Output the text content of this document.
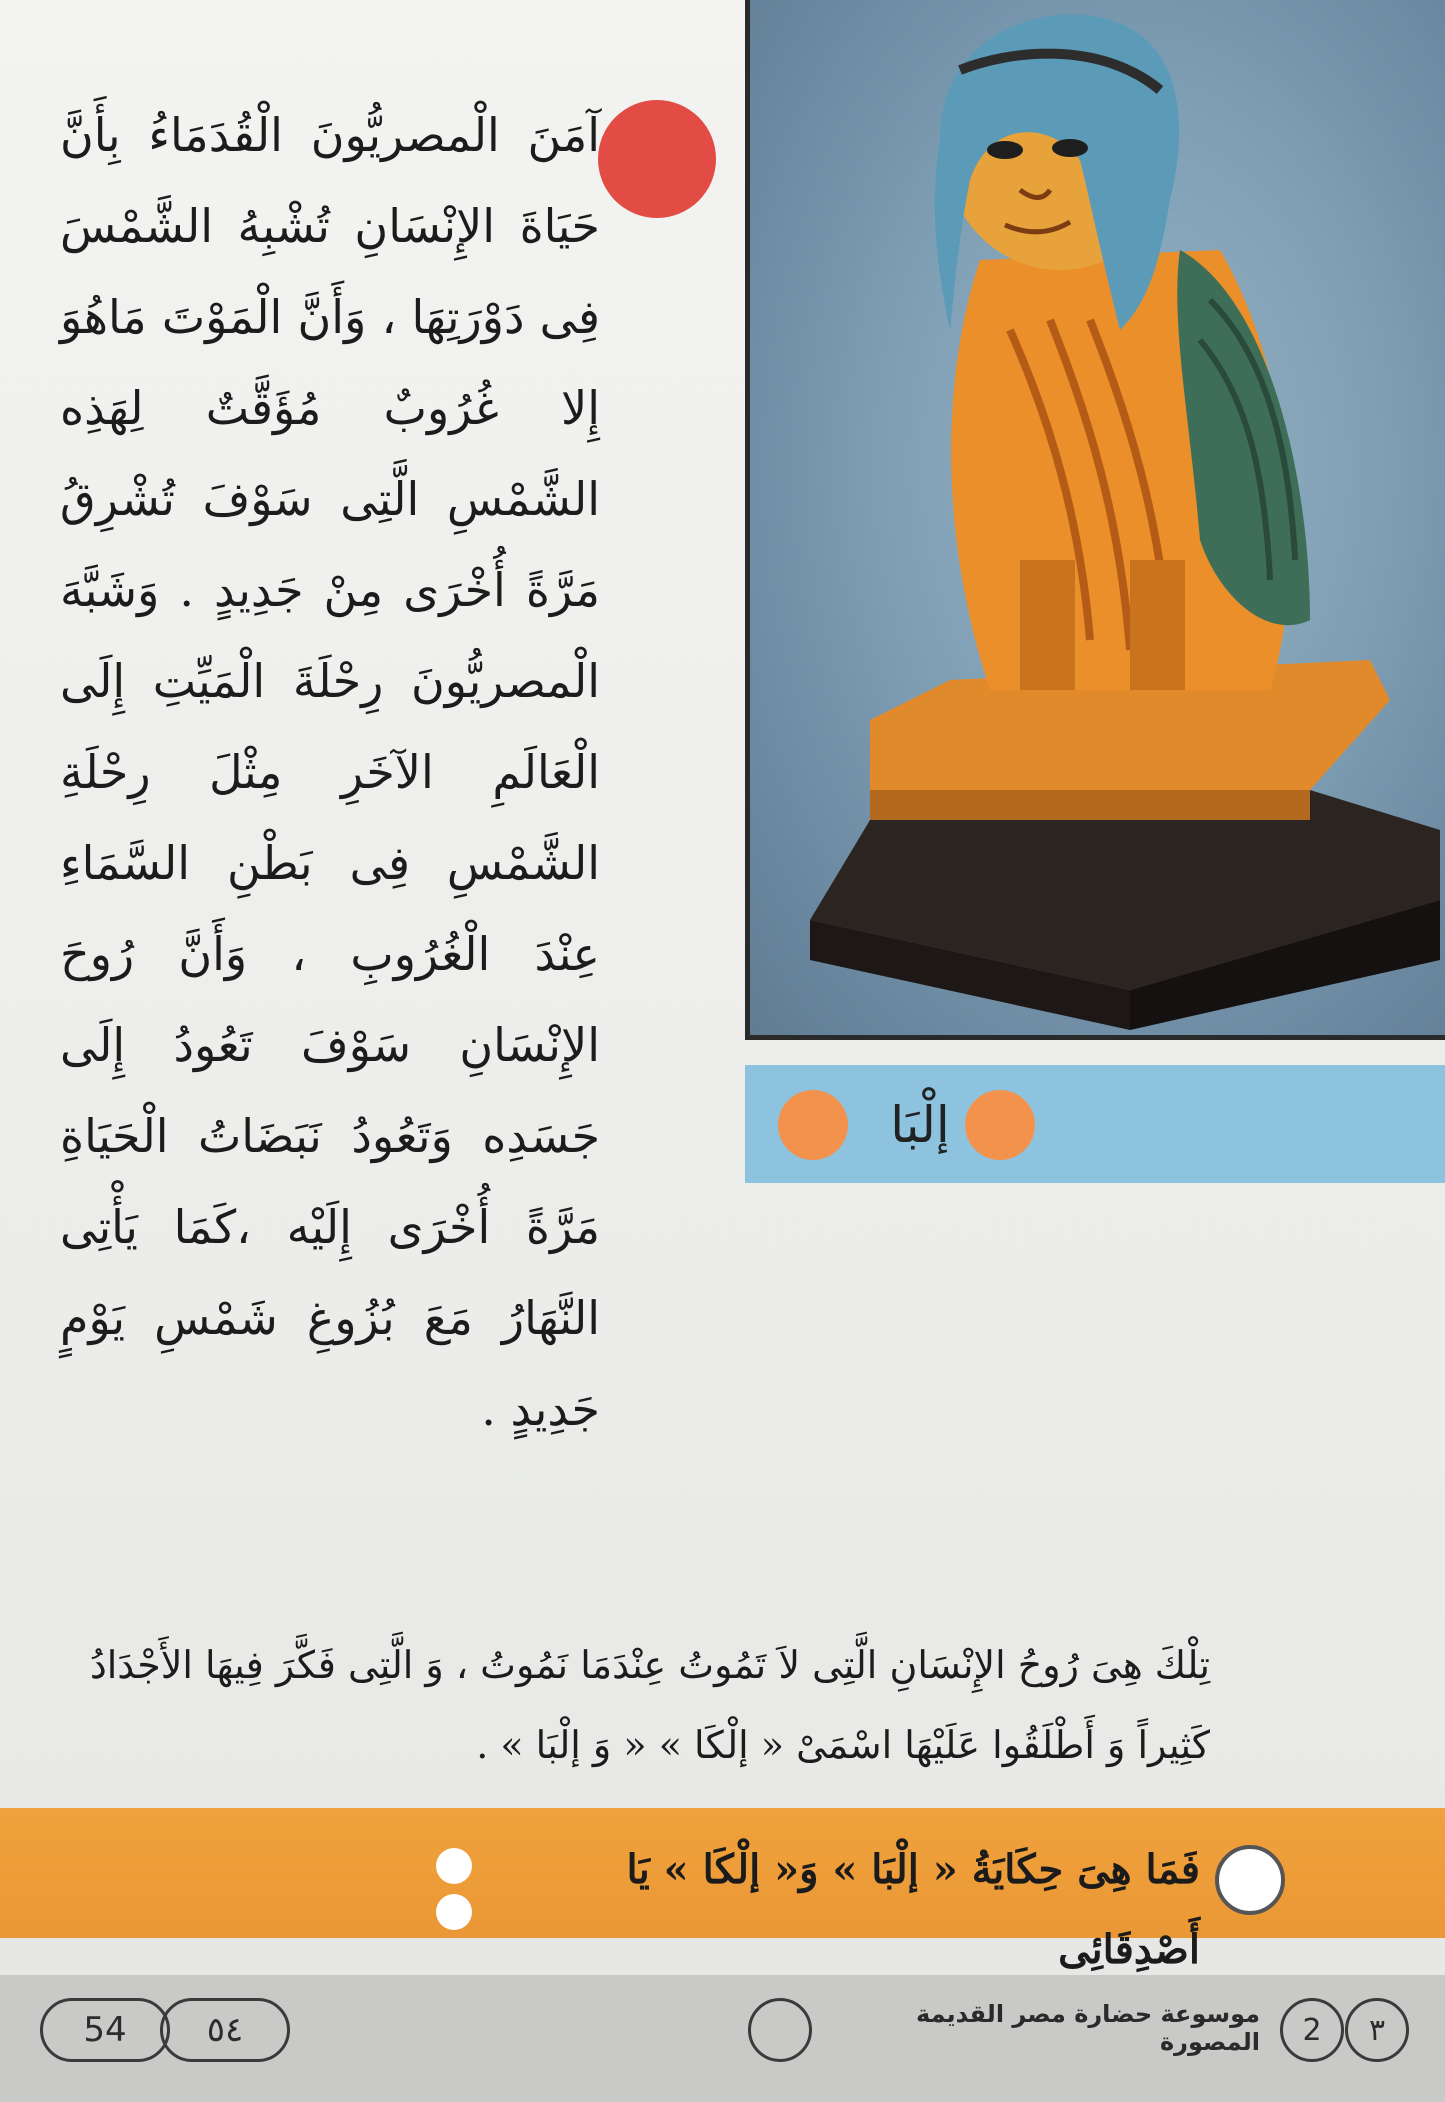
إلْبَا
آمَنَ الْمصريُّونَ الْقُدَمَاءُ بِأَنَّ حَيَاةَ الإِنْسَانِ تُشْبِهُ الشَّمْسَ فِى دَوْرَتِهَا ، وَأَنَّ الْمَوْتَ مَاهُوَ إِلا غُرُوبٌ مُؤَقَّتٌ لِهَذِه الشَّمْسِ الَّتِى سَوْفَ تُشْرِقُ مَرَّةً أُخْرَى مِنْ جَدِيدٍ . وَشَبَّهَ الْمصريُّونَ رِحْلَةَ الْمَيِّتِ إِلَى الْعَالَمِ الآخَرِ مِثْلَ رِحْلَةِ الشَّمْسِ فِى بَطْنِ السَّمَاءِ عِنْدَ الْغُرُوبِ ، وَأَنَّ رُوحَ الإِنْسَانِ سَوْفَ تَعُودُ إِلَى جَسَدِه وَتَعُودُ نَبَضَاتُ الْحَيَاةِ مَرَّةً أُخْرَى إِلَيْه ،كَمَا يَأْتِى النَّهَارُ مَعَ بُزُوغِ شَمْسِ يَوْمٍ جَدِيدٍ .
تِلْكَ هِىَ رُوحُ الإِنْسَانِ الَّتِى لاَ تَمُوتُ عِنْدَمَا نَمُوتُ ، وَ الَّتِى فَكَّرَ فِيهَا الأَجْدَادُ كَثِيراً وَ أَطْلَقُوا عَلَيْهَا اسْمَىْ « إلْكَا » « وَ إلْبَا » .
فَمَا هِىَ حِكَايَةُ « إلْبَا » وَ« إلْكَا » يَا أَصْدِقَائِى
54	٥٤	موسوعة حضارة مصر القديمة المصورة	2	٣
